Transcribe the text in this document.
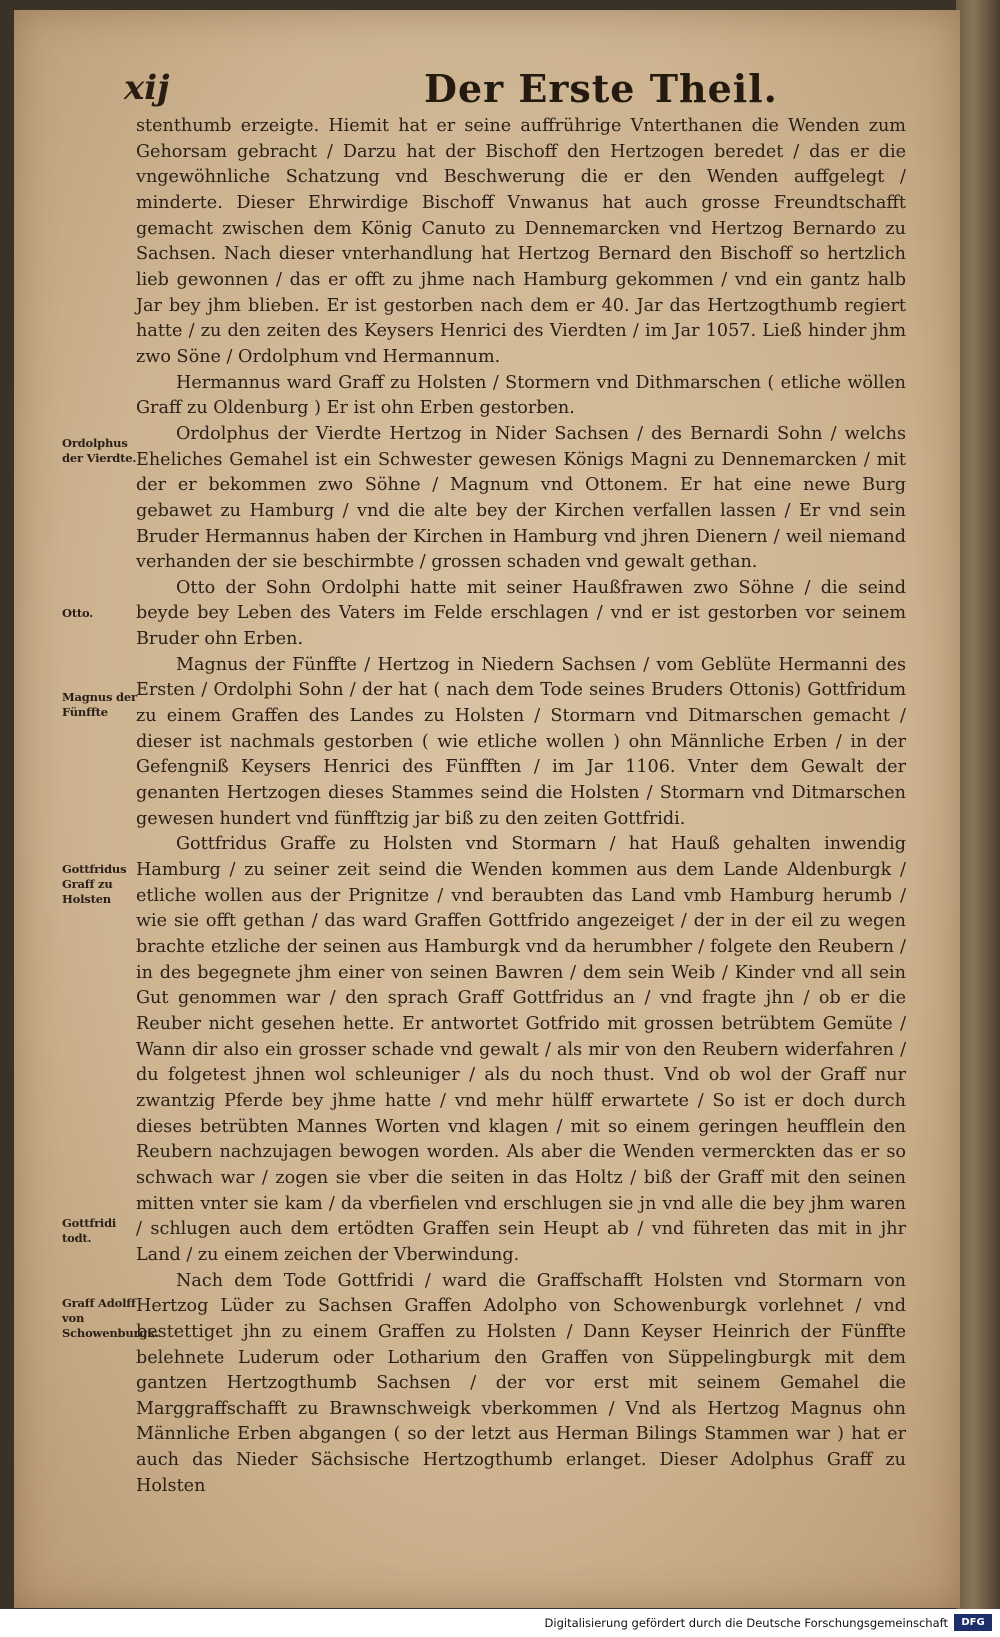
xij	Der Erste Theil.

stenthumb erzeigte. Hiemit hat er seine auffrührige Vnterthanen die Wenden zum Gehorsam gebracht / Darzu hat der Bischoff den Hertzogen beredet / das er die vngewöhnliche Schatzung vnd Beschwerung die er den Wenden auffgelegt / minderte. Dieser Ehrwirdige Bischoff Vnwanus hat auch grosse Freundtschafft gemacht zwischen dem König Canuto zu Dennemarcken vnd Hertzog Bernardo zu Sachsen. Nach dieser vnterhandlung hat Hertzog Bernard den Bischoff so hertzlich lieb gewonnen / das er offt zu jhme nach Hamburg gekommen / vnd ein gantz halb Jar bey jhm blieben. Er ist gestorben nach dem er 40. Jar das Hertzogthumb regiert hatte / zu den zeiten des Keysers Henrici des Vierdten / im Jar 1057. Ließ hinder jhm zwo Söne / Ordolphum vnd Hermannum.

Hermannus ward Graff zu Holsten / Stormern vnd Dithmarschen ( etliche wöllen Graff zu Oldenburg ) Er ist ohn Erben gestorben.

Ordolphus der Vierdte Hertzog in Nider Sachsen / des Bernardi Sohn / welchs Eheliches Gemahel ist ein Schwester gewesen Königs Magni zu Dennemarcken / mit der er bekommen zwo Söhne / Magnum vnd Ottonem. Er hat eine newe Burg gebawet zu Hamburg / vnd die alte bey der Kirchen verfallen lassen / Er vnd sein Bruder Hermannus haben der Kirchen in Hamburg vnd jhren Dienern / weil niemand verhanden der sie beschirmbte / grossen schaden vnd gewalt gethan.

Otto der Sohn Ordolphi hatte mit seiner Haußfrawen zwo Söhne / die seind beyde bey Leben des Vaters im Felde erschlagen / vnd er ist gestorben vor seinem Bruder ohn Erben.

Magnus der Fünffte / Hertzog in Niedern Sachsen / vom Geblüte Hermanni des Ersten / Ordolphi Sohn / der hat ( nach dem Tode seines Bruders Ottonis) Gottfridum zu einem Graffen des Landes zu Holsten / Stormarn vnd Ditmarschen gemacht / dieser ist nachmals gestorben ( wie etliche wollen ) ohn Männliche Erben / in der Gefengniß Keysers Henrici des Fünfften / im Jar 1106. Vnter dem Gewalt der genanten Hertzogen dieses Stammes seind die Holsten / Stormarn vnd Ditmarschen gewesen hundert vnd fünfftzig jar biß zu den zeiten Gottfridi.

Gottfridus Graffe zu Holsten vnd Stormarn / hat Hauß gehalten inwendig Hamburg / zu seiner zeit seind die Wenden kommen aus dem Lande Aldenburgk / etliche wollen aus der Prignitze / vnd beraubten das Land vmb Hamburg herumb / wie sie offt gethan / das ward Graffen Gottfrido angezeiget / der in der eil zu wegen brachte etzliche der seinen aus Hamburgk vnd da herumbher / folgete den Reubern / in des begegnete jhm einer von seinen Bawren / dem sein Weib / Kinder vnd all sein Gut genommen war / den sprach Graff Gottfridus an / vnd fragte jhn / ob er die Reuber nicht gesehen hette. Er antwortet Gotfrido mit grossen betrübtem Gemüte / Wann dir also ein grosser schade vnd gewalt / als mir von den Reubern widerfahren / du folgetest jhnen wol schleuniger / als du noch thust. Vnd ob wol der Graff nur zwantzig Pferde bey jhme hatte / vnd mehr hülff erwartete / So ist er doch durch dieses betrübten Mannes Worten vnd klagen / mit so einem geringen heufflein den Reubern nachzujagen bewogen worden. Als aber die Wenden vermerckten das er so schwach war / zogen sie vber die seiten in das Holtz / biß der Graff mit den seinen mitten vnter sie kam / da vberfielen vnd erschlugen sie jn vnd alle die bey jhm waren / schlugen auch dem ertödten Graffen sein Heupt ab / vnd führeten das mit in jhr Land / zu einem zeichen der Vberwindung.

Nach dem Tode Gottfridi / ward die Graffschafft Holsten vnd Stormarn von Hertzog Lüder zu Sachsen Graffen Adolpho von Schowenburgk vorlehnet / vnd bestettiget jhn zu einem Graffen zu Holsten / Dann Keyser Heinrich der Fünffte belehnete Luderum oder Lotharium den Graffen von Süppelingburgk mit dem gantzen Hertzogthumb Sachsen / der vor erst mit seinem Gemahel die Marggraffschafft zu Brawnschweigk vberkommen / Vnd als Hertzog Magnus ohn Männliche Erben abgangen ( so der letzt aus Herman Bilings Stammen war ) hat er auch das Nieder Sächsische Hertzogthumb erlanget. Dieser Adolphus Graff zu Holsten

Ordolphus der Vierdte.
Otto.
Magnus der Fünffte
Gottfridus Graff zu Holsten
Gottfridi todt.
Graff Adolff von Schowenburgk.
Digitalisierung gefördert durch die Deutsche Forschungsgemeinschaft	DFG
